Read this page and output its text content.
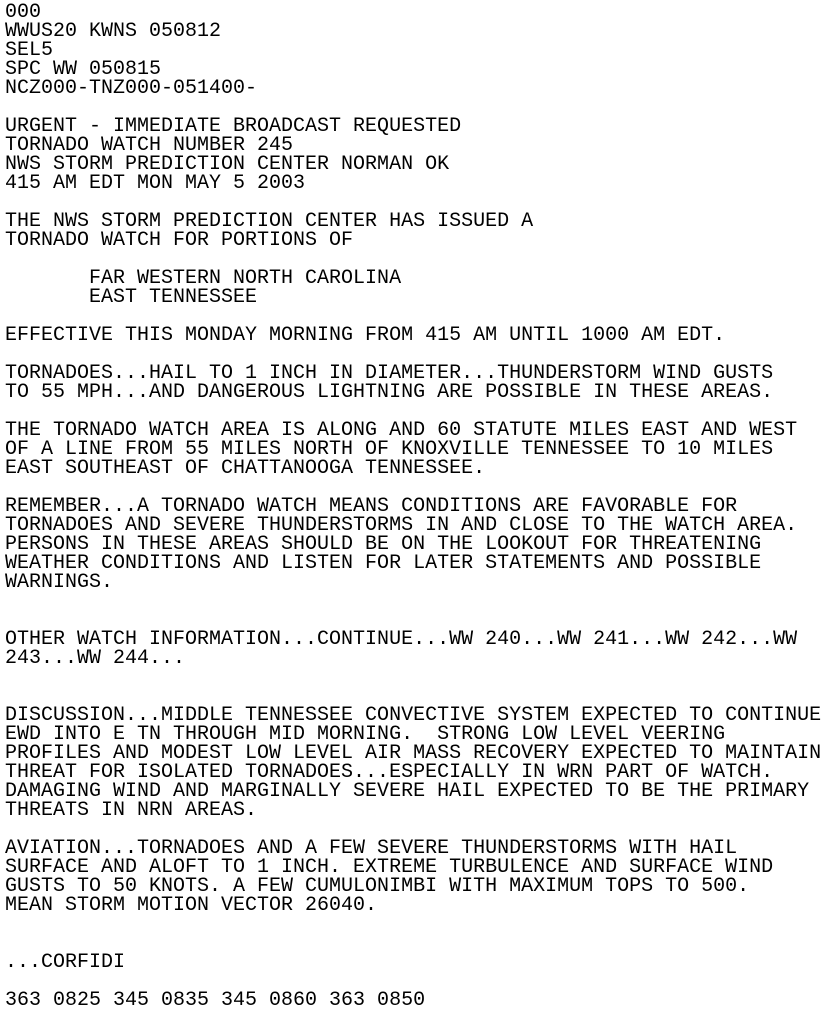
000
WWUS20 KWNS 050812
SEL5
SPC WW 050815
NCZ000-TNZ000-051400-

URGENT - IMMEDIATE BROADCAST REQUESTED
TORNADO WATCH NUMBER 245
NWS STORM PREDICTION CENTER NORMAN OK
415 AM EDT MON MAY 5 2003

THE NWS STORM PREDICTION CENTER HAS ISSUED A
TORNADO WATCH FOR PORTIONS OF

FAR WESTERN NORTH CAROLINA
EAST TENNESSEE

EFFECTIVE THIS MONDAY MORNING FROM 415 AM UNTIL 1000 AM EDT.

TORNADOES...HAIL TO 1 INCH IN DIAMETER...THUNDERSTORM WIND GUSTS
TO 55 MPH...AND DANGEROUS LIGHTNING ARE POSSIBLE IN THESE AREAS.

THE TORNADO WATCH AREA IS ALONG AND 60 STATUTE MILES EAST AND WEST
OF A LINE FROM 55 MILES NORTH OF KNOXVILLE TENNESSEE TO 10 MILES
EAST SOUTHEAST OF CHATTANOOGA TENNESSEE.

REMEMBER...A TORNADO WATCH MEANS CONDITIONS ARE FAVORABLE FOR
TORNADOES AND SEVERE THUNDERSTORMS IN AND CLOSE TO THE WATCH AREA.
PERSONS IN THESE AREAS SHOULD BE ON THE LOOKOUT FOR THREATENING
WEATHER CONDITIONS AND LISTEN FOR LATER STATEMENTS AND POSSIBLE
WARNINGS.

OTHER WATCH INFORMATION...CONTINUE...WW 240...WW 241...WW 242...WW
243...WW 244...

DISCUSSION...MIDDLE TENNESSEE CONVECTIVE SYSTEM EXPECTED TO CONTINUE
EWD INTO E TN THROUGH MID MORNING.  STRONG LOW LEVEL VEERING
PROFILES AND MODEST LOW LEVEL AIR MASS RECOVERY EXPECTED TO MAINTAIN
THREAT FOR ISOLATED TORNADOES...ESPECIALLY IN WRN PART OF WATCH.
DAMAGING WIND AND MARGINALLY SEVERE HAIL EXPECTED TO BE THE PRIMARY
THREATS IN NRN AREAS.

AVIATION...TORNADOES AND A FEW SEVERE THUNDERSTORMS WITH HAIL
SURFACE AND ALOFT TO 1 INCH. EXTREME TURBULENCE AND SURFACE WIND
GUSTS TO 50 KNOTS. A FEW CUMULONIMBI WITH MAXIMUM TOPS TO 500.
MEAN STORM MOTION VECTOR 26040.

...CORFIDI

363 0825 345 0835 345 0860 363 0850
